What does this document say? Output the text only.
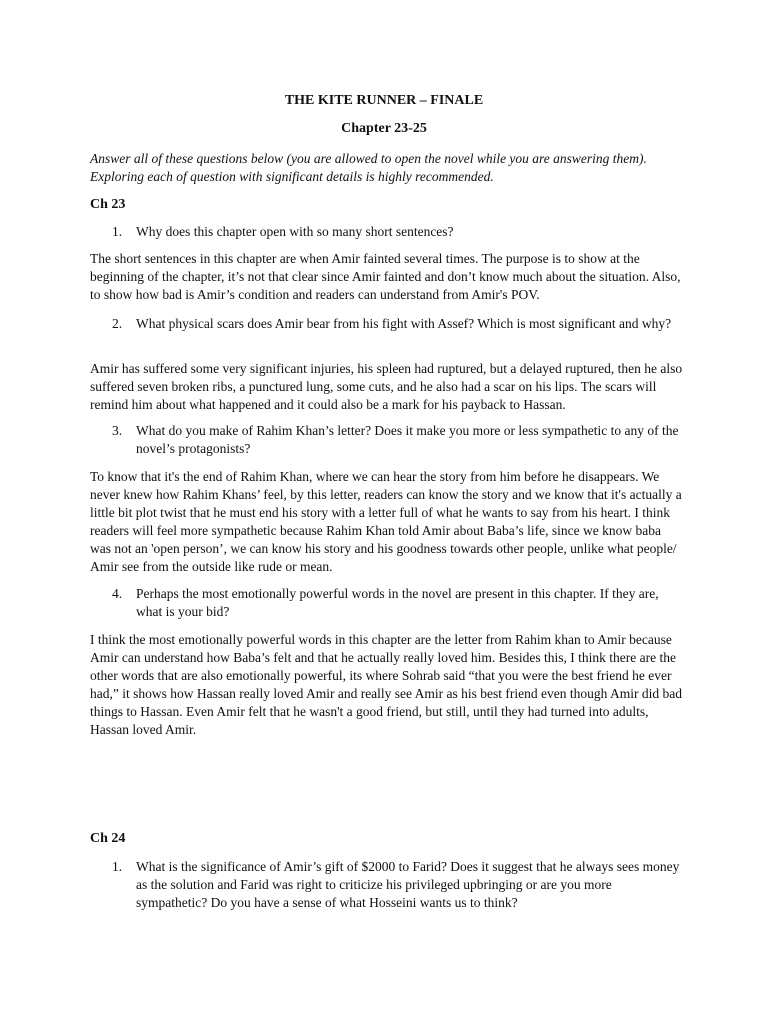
THE KITE RUNNER – FINALE
Chapter 23-25
Answer all of these questions below (you are allowed to open the novel while you are answering them). Exploring each of question with significant details is highly recommended.
Ch 23
1. Why does this chapter open with so many short sentences?
The short sentences in this chapter are when Amir fainted several times. The purpose is to show at the beginning of the chapter, it’s not that clear since Amir fainted and don’t know much about the situation. Also, to show how bad is Amir’s condition and readers can understand from Amir's POV.
2. What physical scars does Amir bear from his fight with Assef? Which is most significant and why?
Amir has suffered some very significant injuries, his spleen had ruptured, but a delayed ruptured, then he also suffered seven broken ribs, a punctured lung, some cuts, and he also had a scar on his lips. The scars will remind him about what happened and it could also be a mark for his payback to Hassan.
3. What do you make of Rahim Khan’s letter? Does it make you more or less sympathetic to any of the novel’s protagonists?
To know that it's the end of Rahim Khan, where we can hear the story from him before he disappears. We never knew how Rahim Khans’ feel, by this letter, readers can know the story and we know that it's actually a little bit plot twist that he must end his story with a letter full of what he wants to say from his heart. I think readers will feel more sympathetic because Rahim Khan told Amir about Baba’s life, since we know baba was not an 'open person’, we can know his story and his goodness towards other people, unlike what people/ Amir see from the outside like rude or mean.
4. Perhaps the most emotionally powerful words in the novel are present in this chapter. If they are, what is your bid?
I think the most emotionally powerful words in this chapter are the letter from Rahim khan to Amir because Amir can understand how Baba’s felt and that he actually really loved him. Besides this, I think there are the other words that are also emotionally powerful, its where Sohrab said “that you were the best friend he ever had,” it shows how Hassan really loved Amir and really see Amir as his best friend even though Amir did bad things to Hassan. Even Amir felt that he wasn't a good friend, but still, until they had turned into adults, Hassan loved Amir.
Ch 24
1. What is the significance of Amir’s gift of $2000 to Farid? Does it suggest that he always sees money as the solution and Farid was right to criticize his privileged upbringing or are you more sympathetic? Do you have a sense of what Hosseini wants us to think?
